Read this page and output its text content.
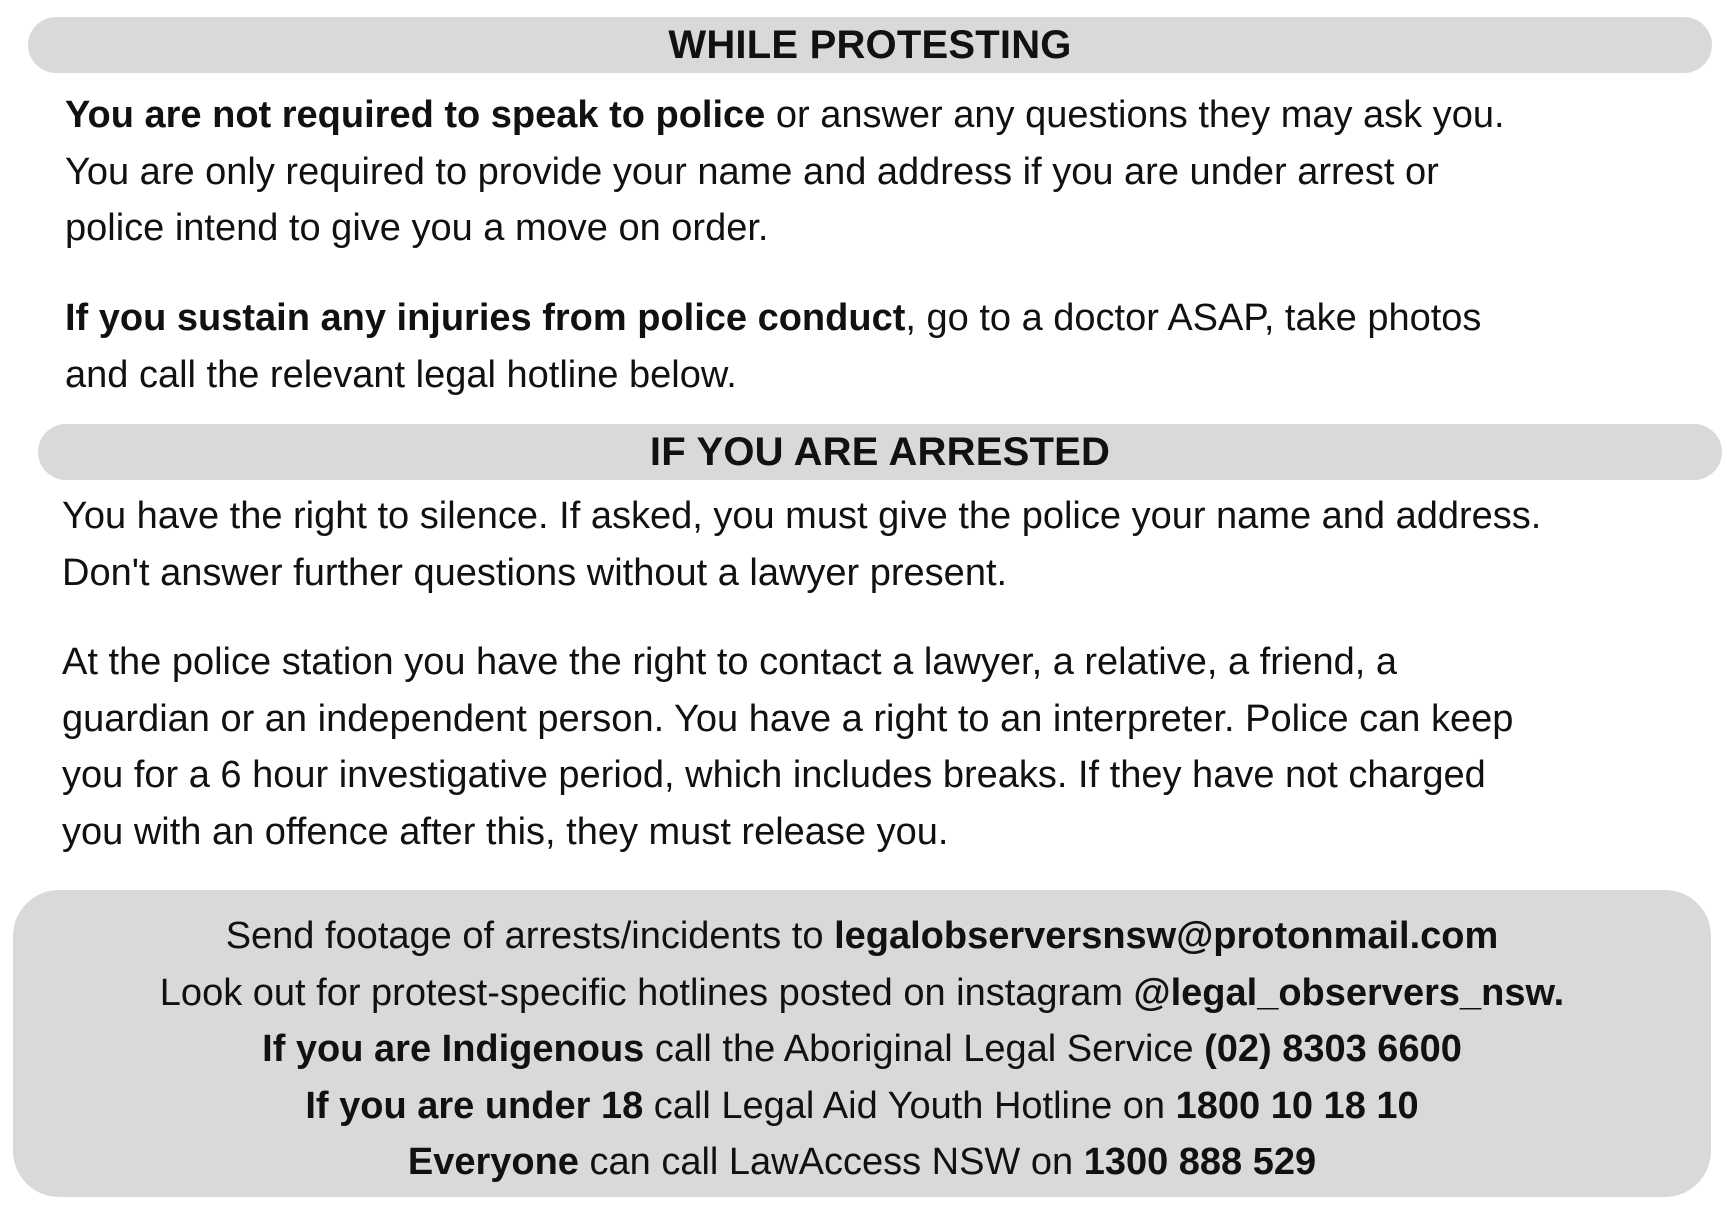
WHILE PROTESTING
You are not required to speak to police or answer any questions they may ask you.
You are only required to provide your name and address if you are under arrest or
police intend to give you a move on order.
If you sustain any injuries from police conduct, go to a doctor ASAP, take photos
and call the relevant legal hotline below.
IF YOU ARE ARRESTED
You have the right to silence. If asked, you must give the police your name and address.
Don't answer further questions without a lawyer present.
At the police station you have the right to contact a lawyer, a relative, a friend, a
guardian or an independent person. You have a right to an interpreter. Police can keep
you for a 6 hour investigative period, which includes breaks. If they have not charged
you with an offence after this, they must release you.
Send footage of arrests/incidents to legalobserversnsw@protonmail.com
Look out for protest-specific hotlines posted on instagram @legal_observers_nsw.
If you are Indigenous call the Aboriginal Legal Service (02) 8303 6600
If you are under 18 call Legal Aid Youth Hotline on 1800 10 18 10
Everyone can call LawAccess NSW on 1300 888 529
